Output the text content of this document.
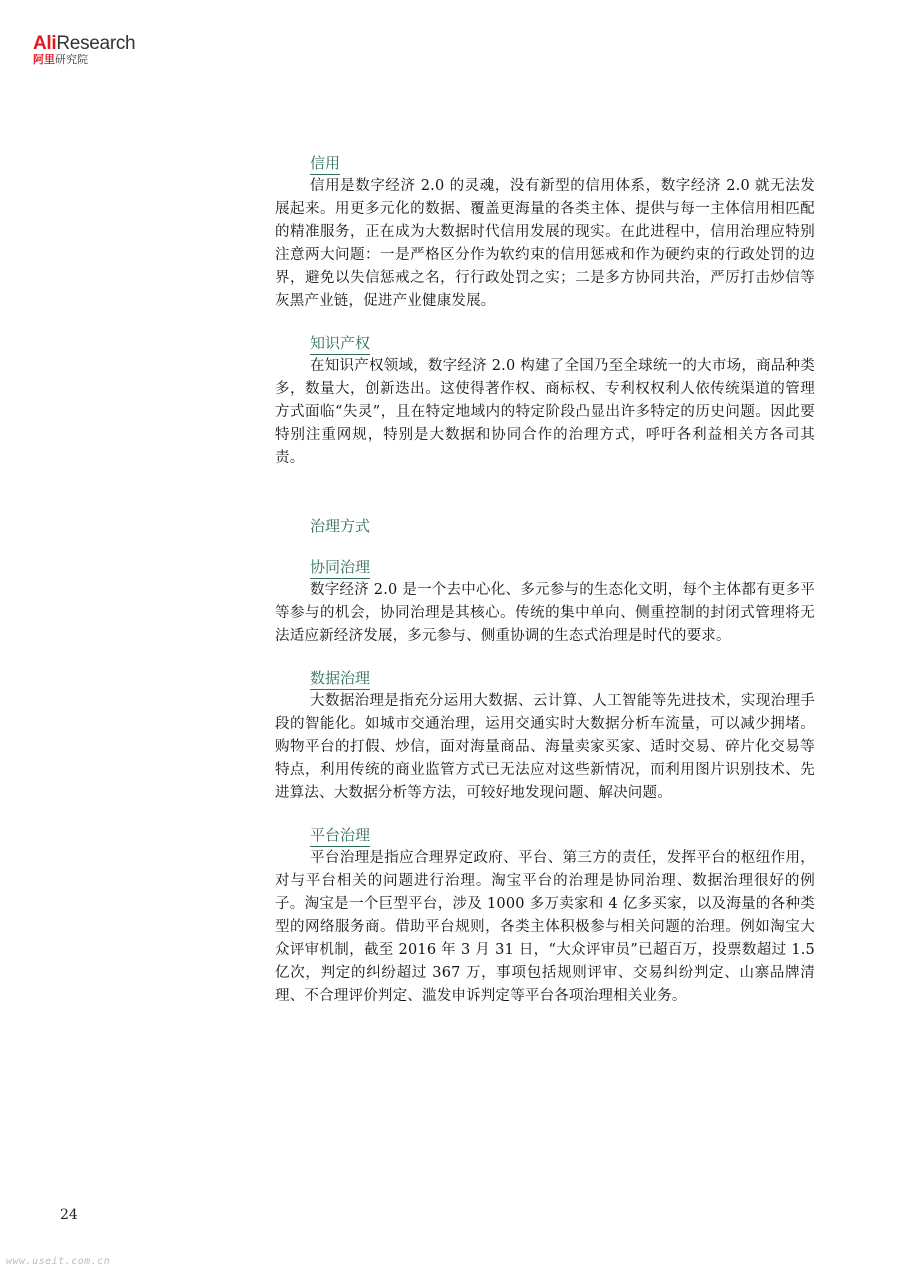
AliResearch
阿里研究院
信用

信用是数字经济 2.0 的灵魂，没有新型的信用体系，数字经济 2.0 就无法发展起来。用更多元化的数据、覆盖更海量的各类主体、提供与每一主体信用相匹配的精准服务，正在成为大数据时代信用发展的现实。在此进程中，信用治理应特别注意两大问题：一是严格区分作为软约束的信用惩戒和作为硬约束的行政处罚的边界，避免以失信惩戒之名，行行政处罚之实；二是多方协同共治，严厉打击炒信等灰黑产业链，促进产业健康发展。

知识产权

在知识产权领域，数字经济 2.0 构建了全国乃至全球统一的大市场，商品种类多，数量大，创新迭出。这使得著作权、商标权、专利权权利人依传统渠道的管理方式面临“失灵”，且在特定地域内的特定阶段凸显出许多特定的历史问题。因此要特别注重网规，特别是大数据和协同合作的治理方式，呼吁各利益相关方各司其责。

治理方式
协同治理

数字经济 2.0 是一个去中心化、多元参与的生态化文明，每个主体都有更多平等参与的机会，协同治理是其核心。传统的集中单向、侧重控制的封闭式管理将无法适应新经济发展，多元参与、侧重协调的生态式治理是时代的要求。

数据治理

大数据治理是指充分运用大数据、云计算、人工智能等先进技术，实现治理手段的智能化。如城市交通治理，运用交通实时大数据分析车流量，可以减少拥堵。购物平台的打假、炒信，面对海量商品、海量卖家买家、适时交易、碎片化交易等特点，利用传统的商业监管方式已无法应对这些新情况，而利用图片识别技术、先进算法、大数据分析等方法，可较好地发现问题、解决问题。

平台治理

平台治理是指应合理界定政府、平台、第三方的责任，发挥平台的枢纽作用，对与平台相关的问题进行治理。淘宝平台的治理是协同治理、数据治理很好的例子。淘宝是一个巨型平台，涉及 1000 多万卖家和 4 亿多买家，以及海量的各种类型的网络服务商。借助平台规则，各类主体积极参与相关问题的治理。例如淘宝大众评审机制，截至 2016 年 3 月 31 日，“大众评审员”已超百万，投票数超过 1.5 亿次，判定的纠纷超过 367 万，事项包括规则评审、交易纠纷判定、山寨品牌清理、不合理评价判定、滥发申诉判定等平台各项治理相关业务。

24
www.useit.com.cn
